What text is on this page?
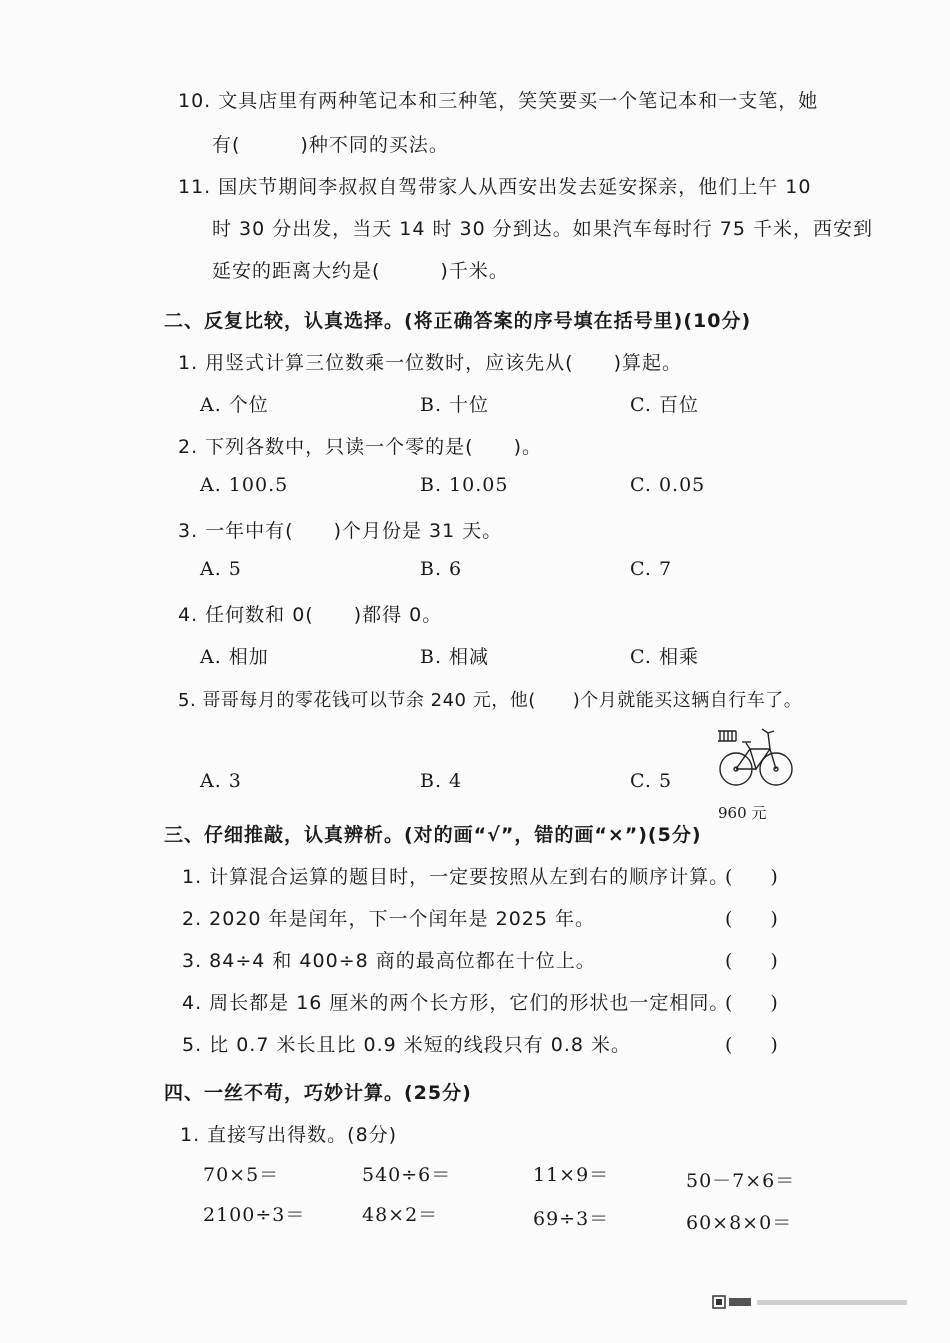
10. 文具店里有两种笔记本和三种笔，笑笑要买一个笔记本和一支笔，她
有(　　　)种不同的买法。
11. 国庆节期间李叔叔自驾带家人从西安出发去延安探亲，他们上午 10
时 30 分出发，当天 14 时 30 分到达。如果汽车每时行 75 千米，西安到
延安的距离大约是(　　　)千米。
二、反复比较，认真选择。(将正确答案的序号填在括号里)(10分)
1. 用竖式计算三位数乘一位数时，应该先从(　　)算起。
A. 个位	B. 十位	C. 百位
2. 下列各数中，只读一个零的是(　　)。
A. 100.5	B. 10.05	C. 0.05
3. 一年中有(　　)个月份是 31 天。
A. 5	B. 6	C. 7
4. 任何数和 0(　　)都得 0。
A. 相加	B. 相减	C. 相乘
5. 哥哥每月的零花钱可以节余 240 元，他(　　)个月就能买这辆自行车了。
A. 3	B. 4	C. 5
960 元
三、仔细推敲，认真辨析。(对的画“√”，错的画“×”)(5分)
1. 计算混合运算的题目时，一定要按照从左到右的顺序计算。
(　　)
2. 2020 年是闰年，下一个闰年是 2025 年。	(　　)
3. 84÷4 和 400÷8 商的最高位都在十位上。	(　　)
4. 周长都是 16 厘米的两个长方形，它们的形状也一定相同。
(　　)
5. 比 0.7 米长且比 0.9 米短的线段只有 0.8 米。	(　　)
四、一丝不苟，巧妙计算。(25分)
1. 直接写出得数。(8分)
70×5＝	540÷6＝	11×9＝	50－7×6＝
2100÷3＝	48×2＝	69÷3＝	60×8×0＝
